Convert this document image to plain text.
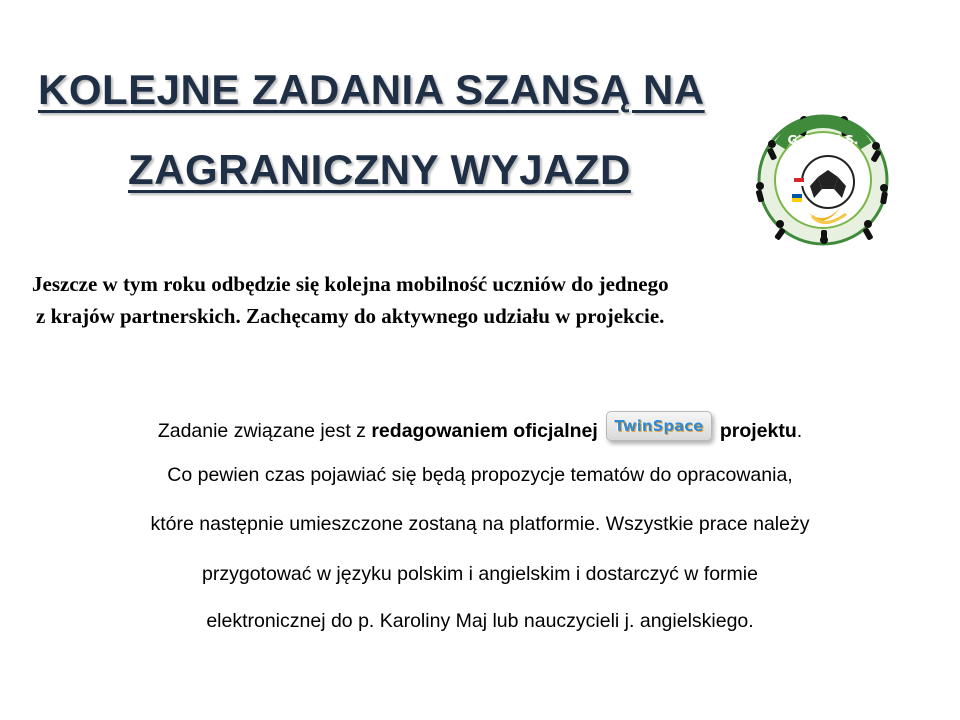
KOLEJNE ZADANIA SZANSĄ NA
ZAGRANICZNY WYJAZD
G.A.M.E.S.

Jeszcze w tym roku odbędzie się kolejna mobilność uczniów do jednego

z krajów partnerskich. Zachęcamy do aktywnego udziału w projekcie.

Zadanie związane jest z redagowaniem oficjalnej TwinSpace projektu.

Co pewien czas pojawiać się będą propozycje tematów do opracowania,

które następnie umieszczone zostaną na platformie. Wszystkie prace należy

przygotować w języku polskim i angielskim i dostarczyć w formie

elektronicznej do p. Karoliny Maj lub nauczycieli j. angielskiego.
